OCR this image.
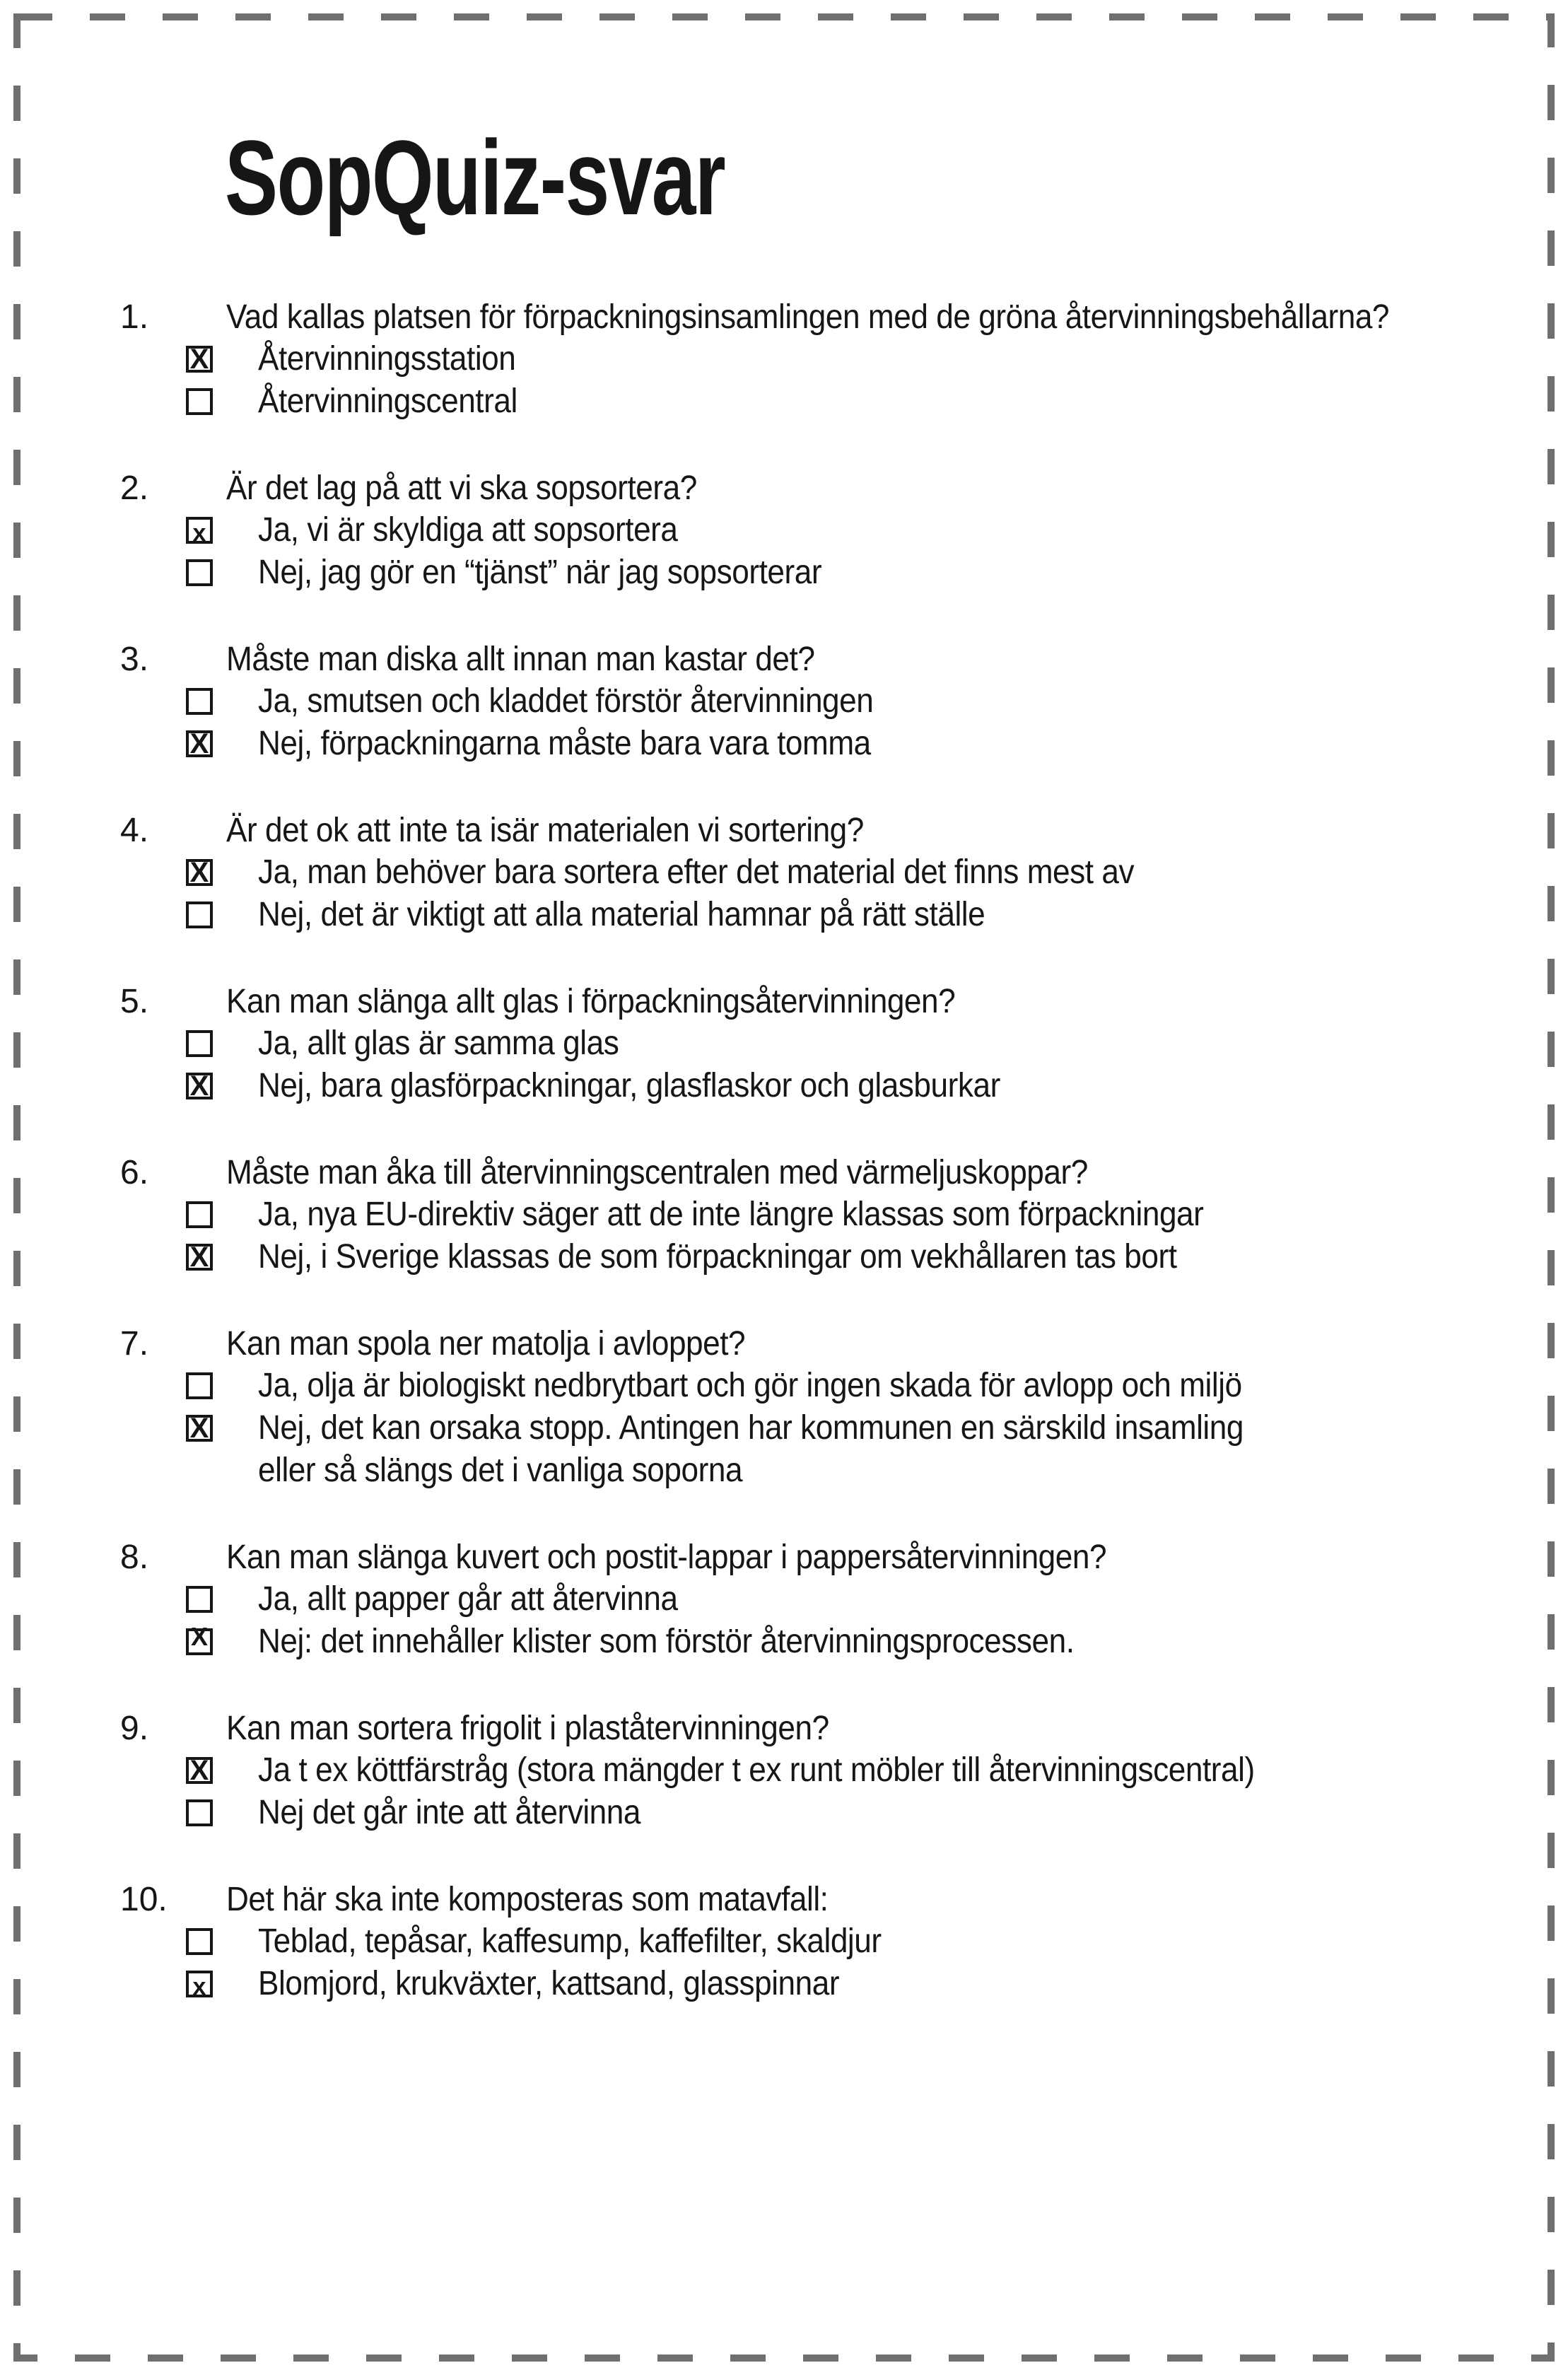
SopQuiz-svar
1.	Vad kallas platsen för förpackningsinsamlingen med de gröna återvinningsbehållarna?
X Återvinningsstation
Återvinningscentral
2.	Är det lag på att vi ska sopsortera?
x Ja, vi är skyldiga att sopsortera
Nej, jag gör en “tjänst” när jag sopsorterar
3.	Måste man diska allt innan man kastar det?
Ja, smutsen och kladdet förstör återvinningen
X Nej, förpackningarna måste bara vara tomma
4.	Är det ok att inte ta isär materialen vi sortering?
X Ja, man behöver bara sortera efter det material det finns mest av
Nej, det är viktigt att alla material hamnar på rätt ställe
5.	Kan man slänga allt glas i förpackningsåtervinningen?
Ja, allt glas är samma glas
X Nej, bara glasförpackningar, glasflaskor och glasburkar
6.	Måste man åka till återvinningscentralen med värmeljuskoppar?
Ja, nya EU-direktiv säger att de inte längre klassas som förpackningar
X Nej, i Sverige klassas de som förpackningar om vekhållaren tas bort
7.	Kan man spola ner matolja i avloppet?
Ja, olja är biologiskt nedbrytbart och gör ingen skada för avlopp och miljö
X Nej, det kan orsaka stopp. Antingen har kommunen en särskild insamling
eller så slängs det i vanliga soporna
8.	Kan man slänga kuvert och postit-lappar i pappersåtervinningen?
Ja, allt papper går att återvinna
X Nej: det innehåller klister som förstör återvinningsprocessen.
9.	Kan man sortera frigolit i plaståtervinningen?
X Ja t ex köttfärstråg (stora mängder t ex runt möbler till återvinningscentral)
Nej det går inte att återvinna
10.	Det här ska inte komposteras som matavfall:
Teblad, tepåsar, kaffesump, kaffefilter, skaldjur
x Blomjord, krukväxter, kattsand, glasspinnar
